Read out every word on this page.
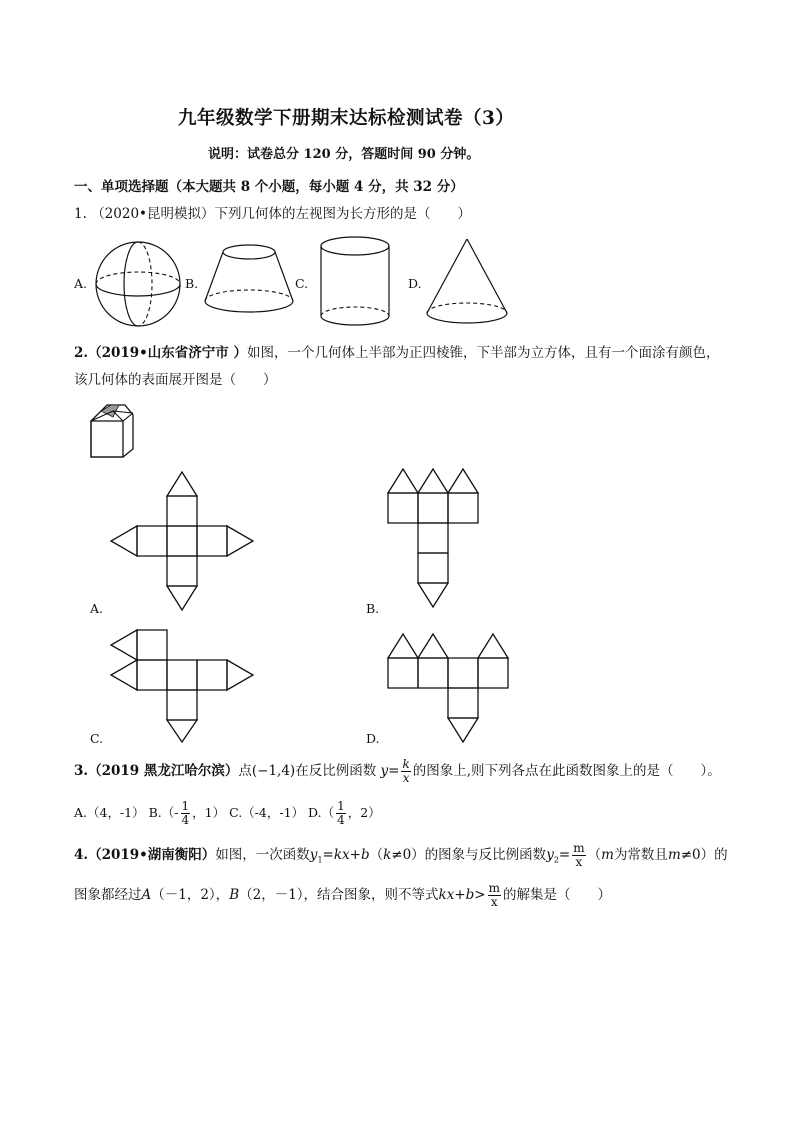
九年级数学下册期末达标检测试卷（3）
说明：试卷总分 120 分，答题时间 90 分钟。
一、单项选择题（本大题共 8 个小题，每小题 4 分，共 32 分）
1. （2020•昆明模拟）下列几何体的左视图为长方形的是（　　）
A.	B.	C.	D.
2.（2019•山东省济宁市 ）如图，一个几何体上半部为正四棱锥，下半部为立方体，且有一个面涂有颜色，
该几何体的表面展开图是（　　）
A.	B.
C.	D.
3.（2019 黑龙江哈尔滨）点(−1,4)在反比例函数 $y= \frac{k}{x}$ 的图象上,则下列各点在此函数图象上的是（　　）。
A.（4，-1） $B.(- \frac{1}{4}$ ，1） C.（-4，-1） $D.( \frac{1}{4}$ ，2）
4.（2019•湖南衡阳）如图，一次函数$y_1=kx+b(k\ne 0)$的图象与反比例函数$y_2= \frac{m}{x} (m$为常数且m≠0）的
图象都经过A（－1，2），B（2，－1），结合图象，则不等式$kx+b> \frac{m}{x}$ 的解集是（　　）
